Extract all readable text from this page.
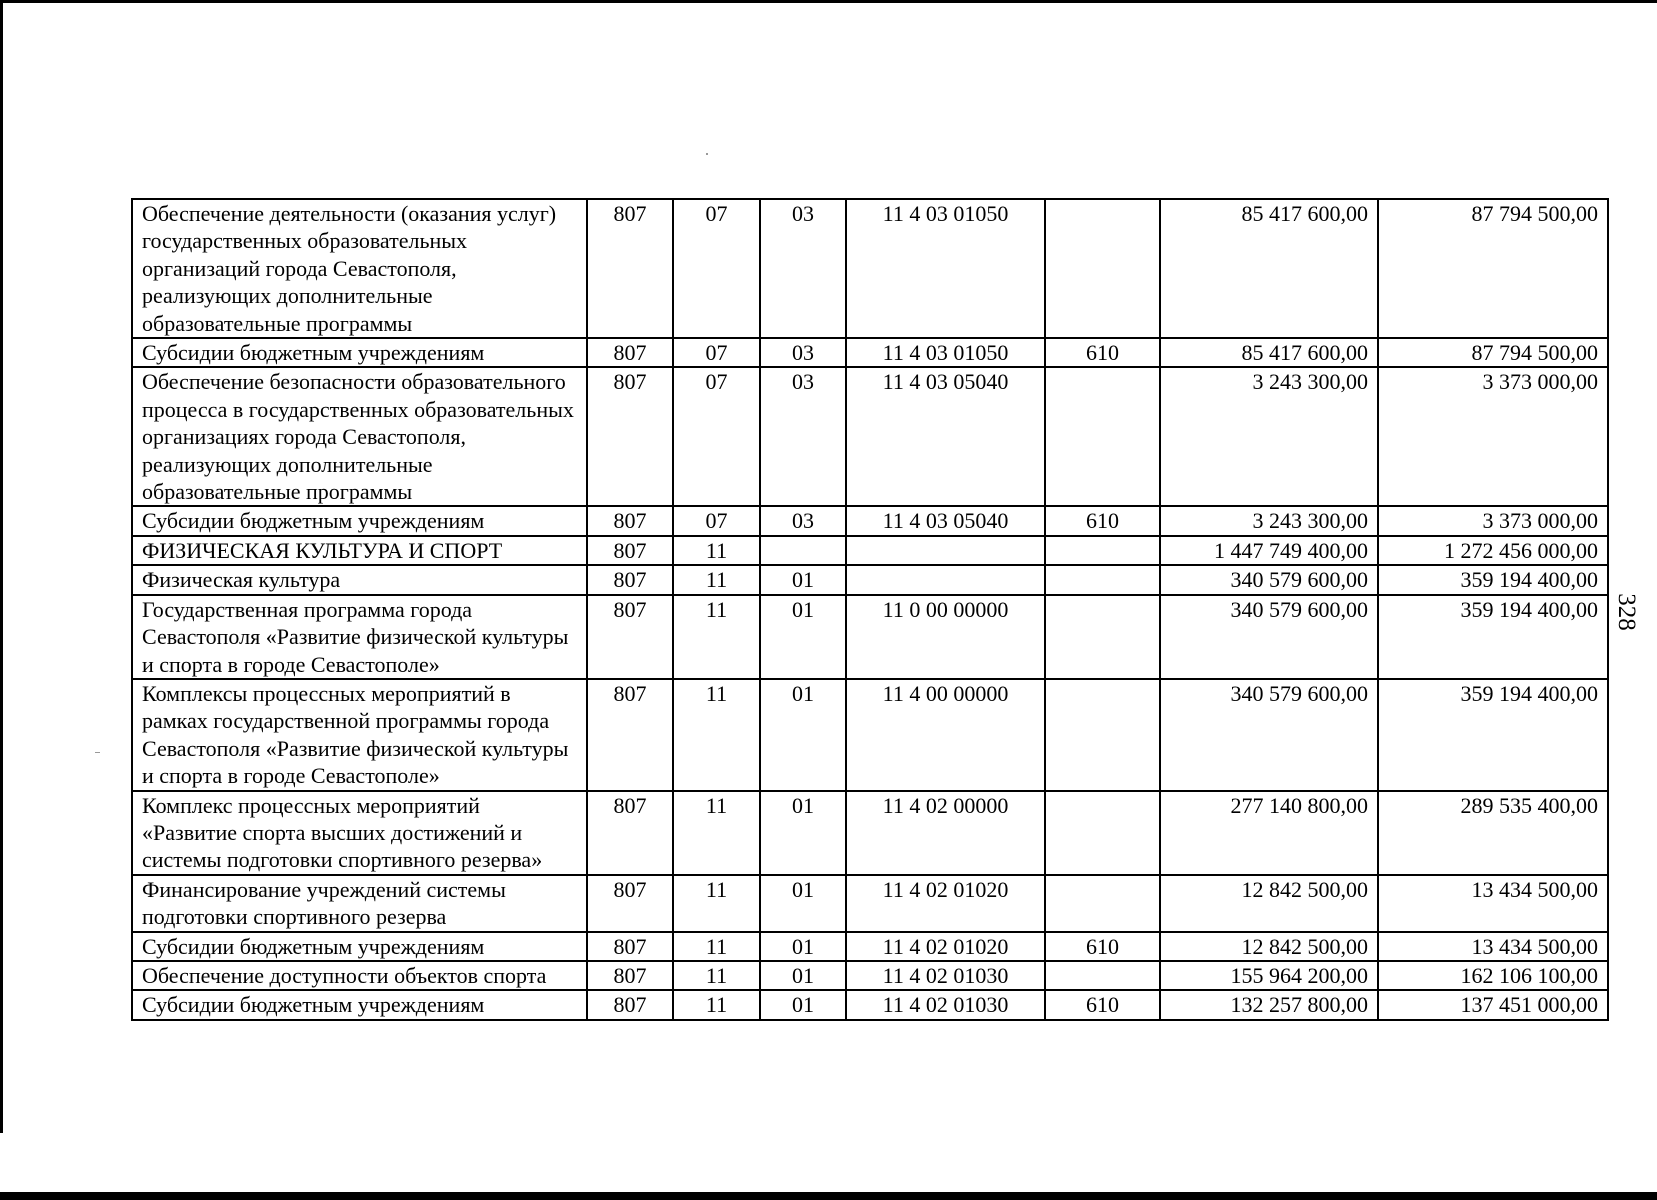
Обеспечение деятельности (оказания услуг) государственных образовательных организаций города Севастополя, реализующих дополнительные образовательные программы	807	07	03	11 4 03 01050		85 417 600,00	87 794 500,00
Субсидии бюджетным учреждениям	807	07	03	11 4 03 01050	610	85 417 600,00	87 794 500,00
Обеспечение безопасности образовательного процесса в государственных образовательных организациях города Севастополя, реализующих дополнительные образовательные программы	807	07	03	11 4 03 05040		3 243 300,00	3 373 000,00
Субсидии бюджетным учреждениям	807	07	03	11 4 03 05040	610	3 243 300,00	3 373 000,00
ФИЗИЧЕСКАЯ КУЛЬТУРА И СПОРТ	807	11				1 447 749 400,00	1 272 456 000,00
Физическая культура	807	11	01			340 579 600,00	359 194 400,00
Государственная программа города Севастополя «Развитие физической культуры и спорта в городе Севастополе»	807	11	01	11 0 00 00000		340 579 600,00	359 194 400,00
Комплексы процессных мероприятий в рамках государственной программы города Севастополя «Развитие физической культуры и спорта в городе Севастополе»	807	11	01	11 4 00 00000		340 579 600,00	359 194 400,00
Комплекс процессных мероприятий «Развитие спорта высших достижений и системы подготовки спортивного резерва»	807	11	01	11 4 02 00000		277 140 800,00	289 535 400,00
Финансирование учреждений системы подготовки спортивного резерва	807	11	01	11 4 02 01020		12 842 500,00	13 434 500,00
Субсидии бюджетным учреждениям	807	11	01	11 4 02 01020	610	12 842 500,00	13 434 500,00
Обеспечение доступности объектов спорта	807	11	01	11 4 02 01030		155 964 200,00	162 106 100,00
Субсидии бюджетным учреждениям	807	11	01	11 4 02 01030	610	132 257 800,00	137 451 000,00
328
